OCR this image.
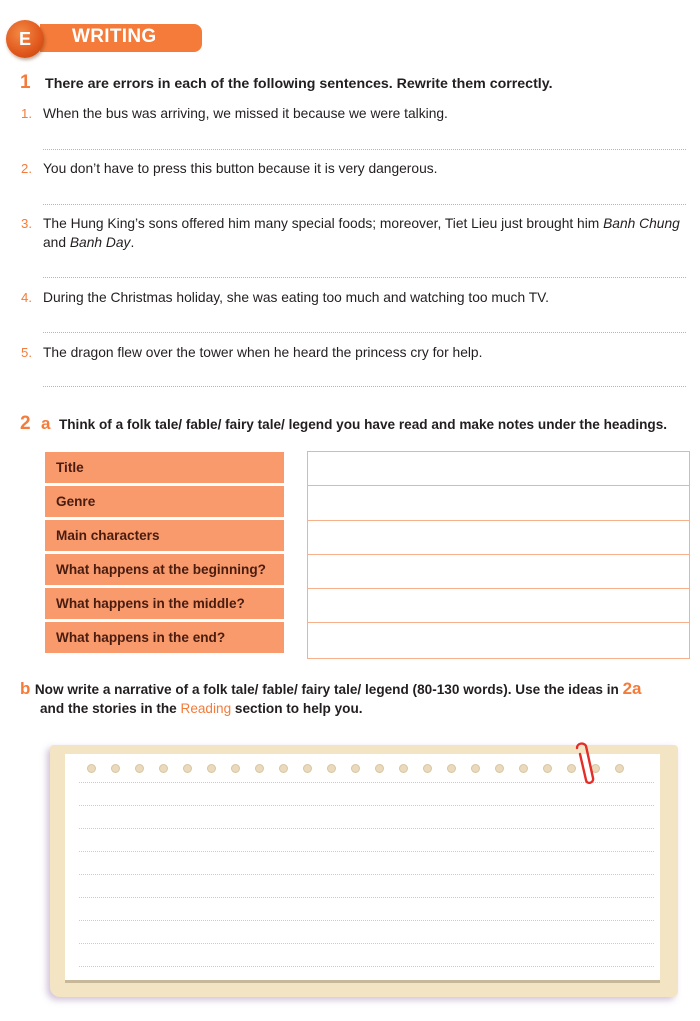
WRITING
E
1 There are errors in each of the following sentences. Rewrite them correctly.
1. When the bus was arriving, we missed it because we were talking.
2. You don’t have to press this button because it is very dangerous.
3. The Hung King’s sons offered him many special foods; moreover, Tiet Lieu just brought him Banh Chung
and Banh Day.
4. During the Christmas holiday, she was eating too much and watching too much TV.
5. The dragon flew over the tower when he heard the princess cry for help.
2 a Think of a folk tale/ fable/ fairy tale/ legend you have read and make notes under the headings.
Title
Genre
Main characters
What happens at the beginning?
What happens in the middle?
What happens in the end?
b Now write a narrative of a folk tale/ fable/ fairy tale/ legend (80-130 words). Use the ideas in 2a
and the stories in the Reading section to help you.
